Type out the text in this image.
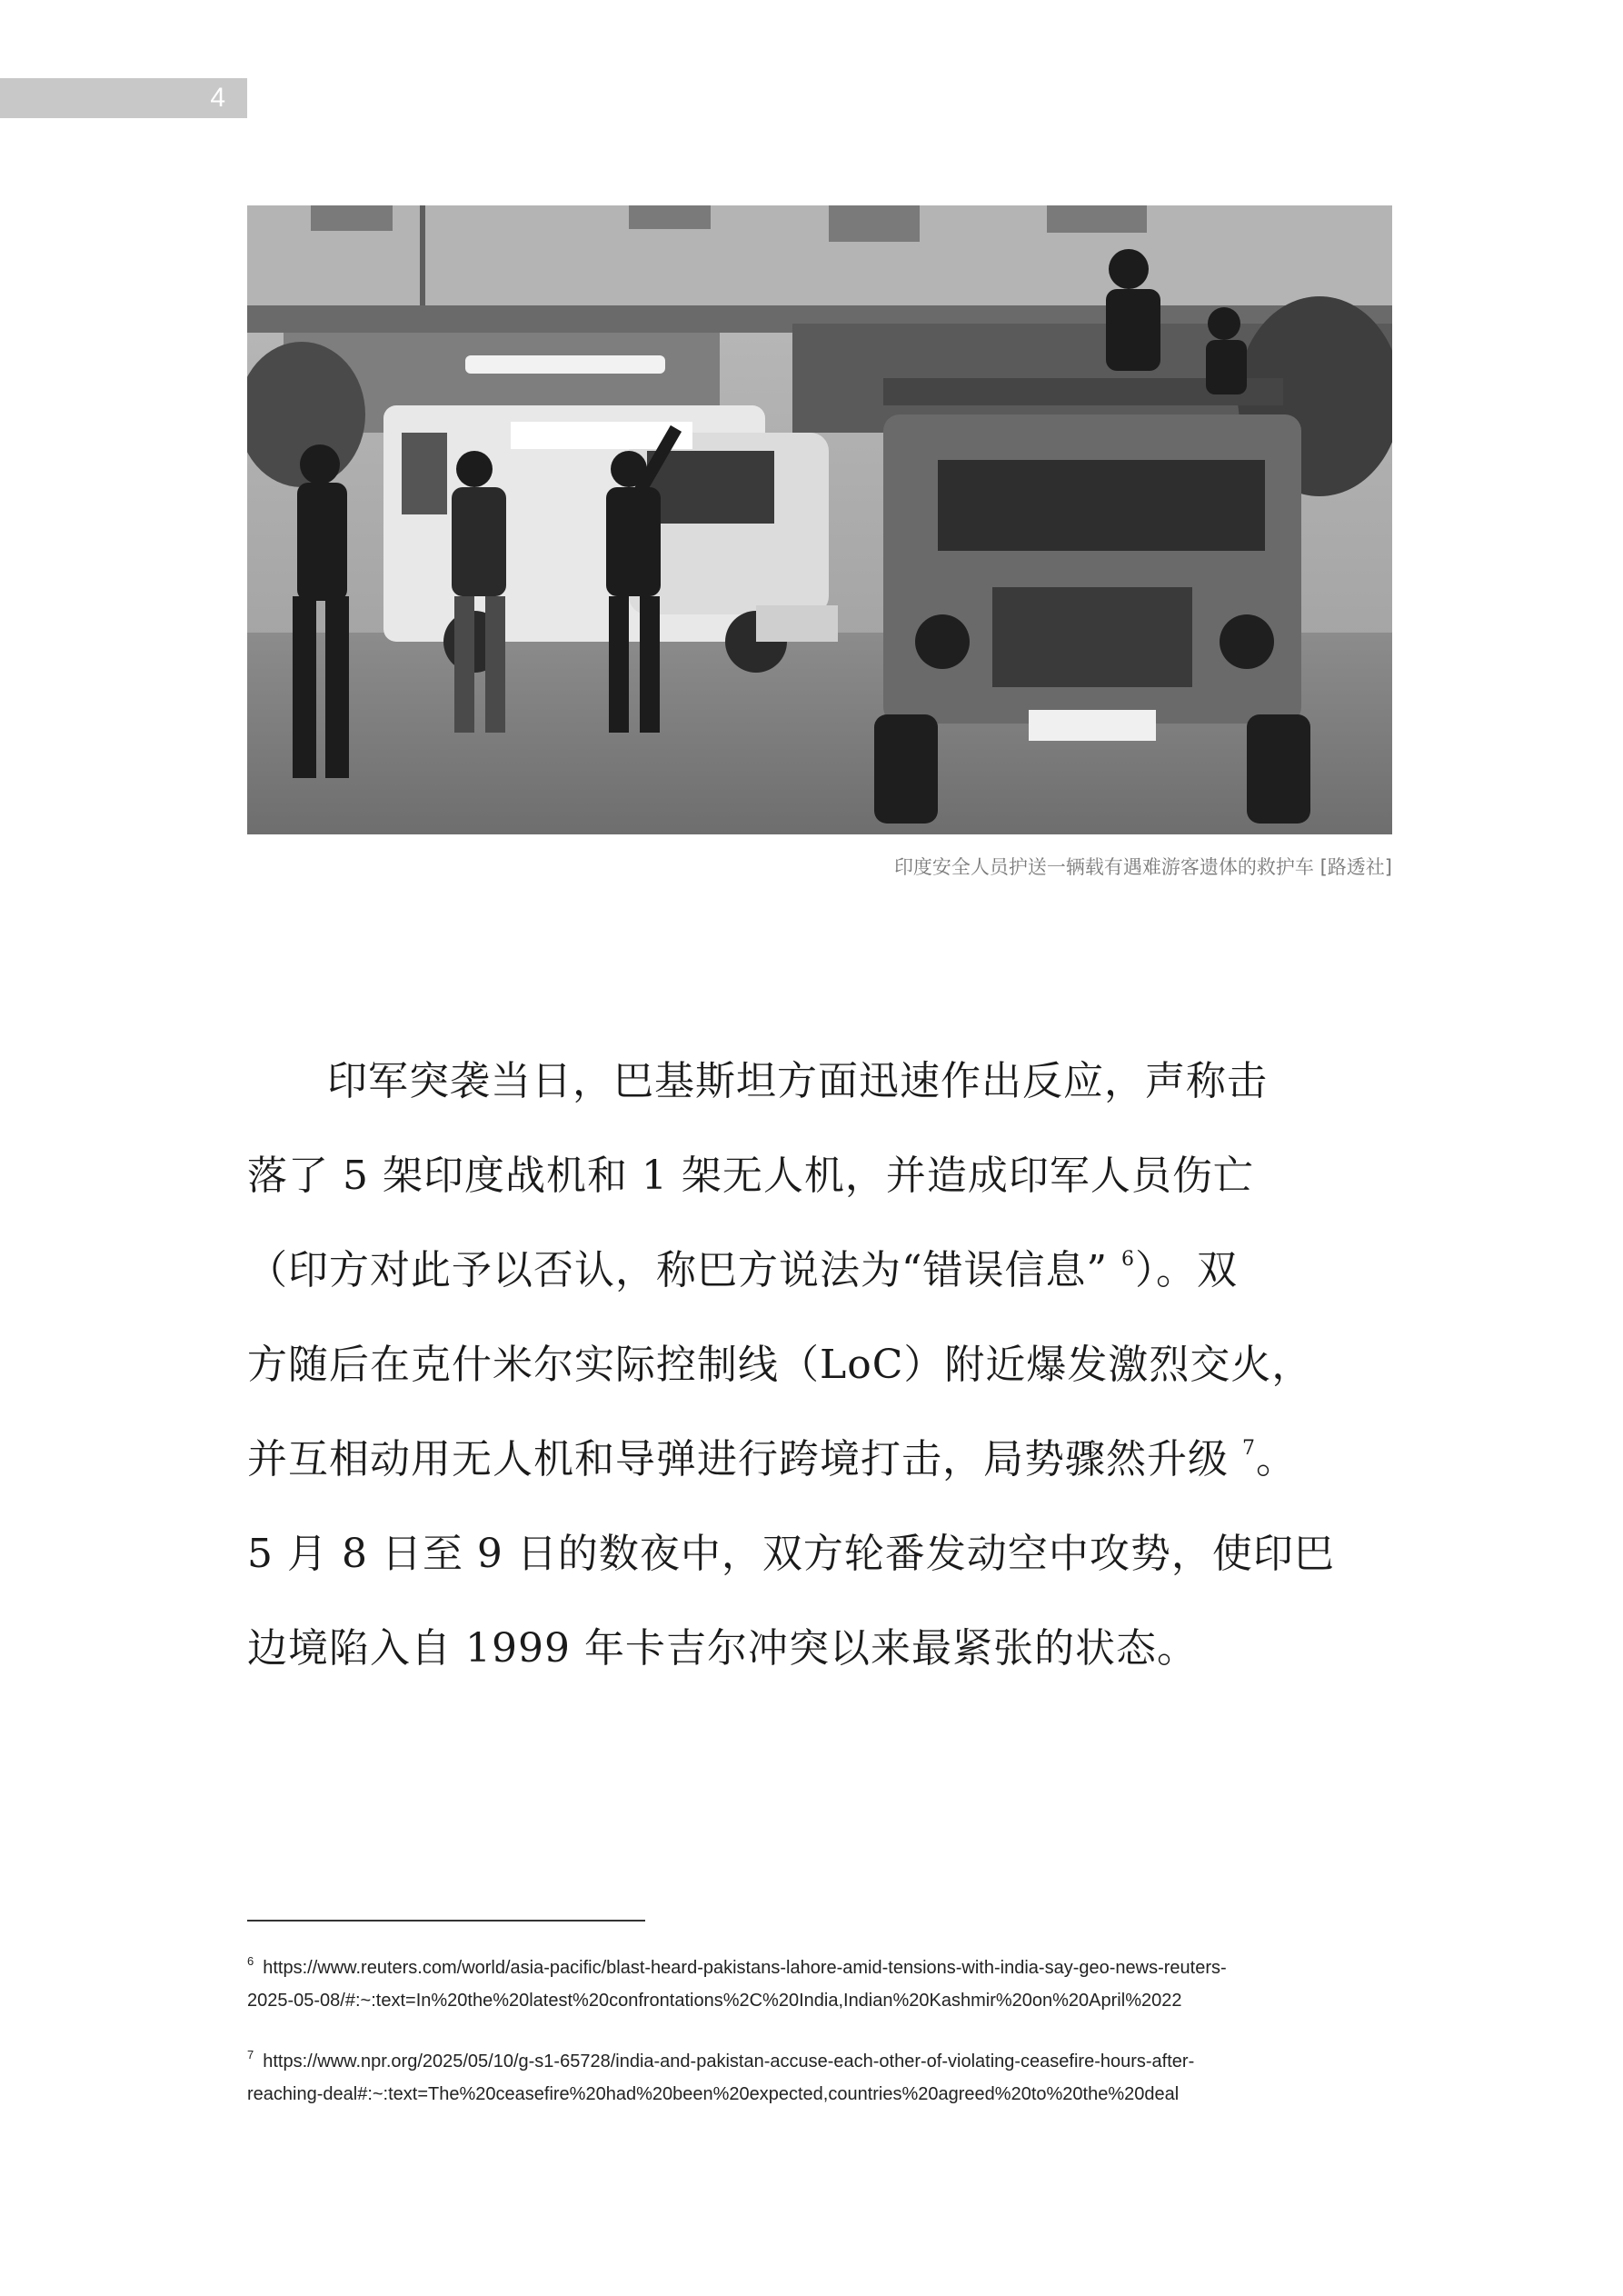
4
印度安全人员护送一辆载有遇难游客遗体的救护车 [路透社]
印军突袭当日，巴基斯坦方面迅速作出反应，声称击
落了 5 架印度战机和 1 架无人机，并造成印军人员伤亡
（印方对此予以否认，称巴方说法为“错误信息” $^6$）。双
方随后在克什米尔实际控制线（LoC）附近爆发激烈交火，
并互相动用无人机和导弹进行跨境打击，局势骤然升级 $^7$。
5 月 8 日至 9 日的数夜中，双方轮番发动空中攻势，使印巴
边境陷入自 1999 年卡吉尔冲突以来最紧张的状态。
$^6$ https://www.reuters.com/world/asia-pacific/blast-heard-pakistans-lahore-amid-tensions-with-india-say-geo-news-reuters-
2025-05-08/#:~:text=In%20the%20latest%20confrontations%2C%20India,Indian%20Kashmir%20on%20April%2022
$^7$ https://www.npr.org/2025/05/10/g-s1-65728/india-and-pakistan-accuse-each-other-of-violating-ceasefire-hours-after-
reaching-deal#:~:text=The%20ceasefire%20had%20been%20expected,countries%20agreed%20to%20the%20deal
